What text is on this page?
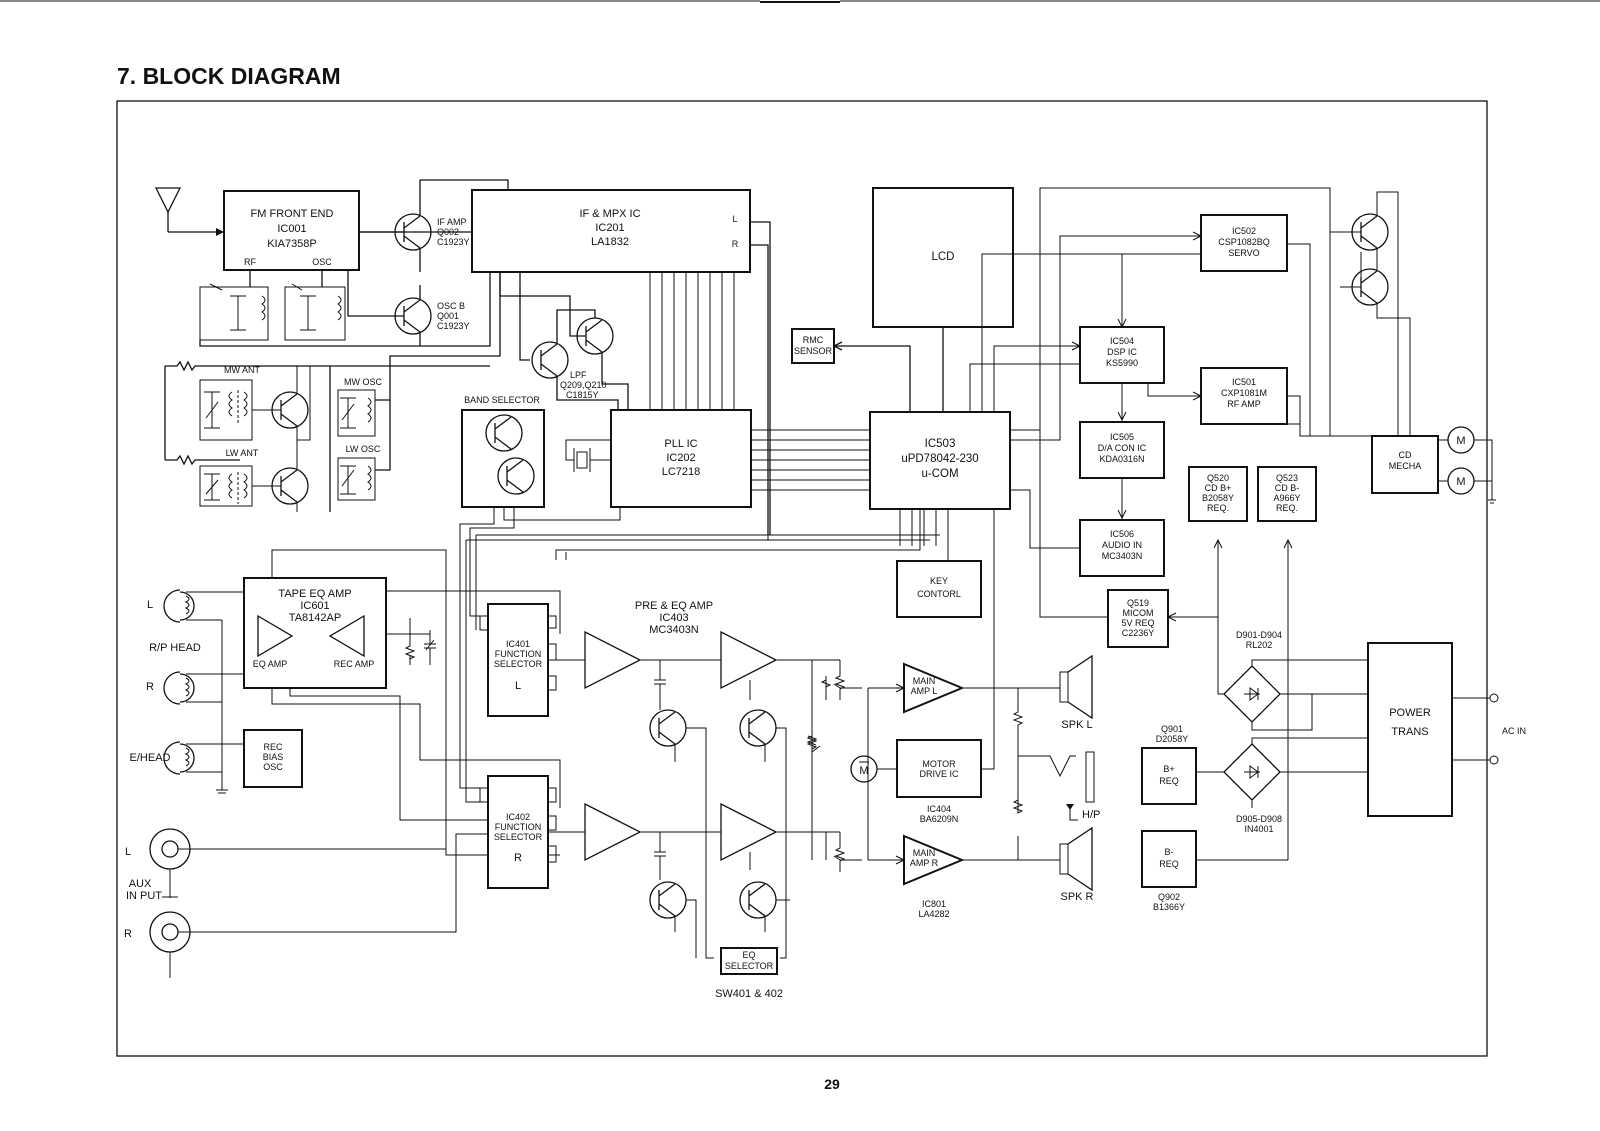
7. BLOCK DIAGRAM
FM FRONT END
IC001
KIA7358P
RF	OSC
IF AMP
Q002
C1923Y
IF & MPX IC
IC201
LA1832
L
R
OSC B
Q001
C1923Y
LPF
Q209,Q210
C1815Y
MW ANT
LW ANT
MW OSC
LW OSC
BAND SELECTOR
PLL IC
IC202
LC7218
LCD
RMC
SENSOR
IC503
uPD78042-230
u-COM
KEY
CONTORL
IC502
CSP1082BQ
SERVO
IC504
DSP IC
KS5990
IC501
CXP1081M
RF AMP
IC505
D/A CON IC
KDA0316N
IC506
AUDIO IN
MC3403N
CD
MECHA
M
M
Q520
CD B+
B2058Y
REQ.
Q523
CD B-
A966Y
REQ.
Q519
MICOM
5V REQ
C2236Y	D901-D904
RL202
D905-D908
IN4001
POWER
TRANS	AC IN
Q901
D2058Y
B+
REQ
B-
REQ
Q902
B1366Y
TAPE EQ AMP
IC601
TA8142AP
EQ AMP	REC AMP
R/P HEAD
L
R
E/HEAD
REC
BIAS
OSC
L
R
AUX
IN PUT
IC401
FUNCTION
SELECTOR
L
IC402
FUNCTION
SELECTOR
R
PRE & EQ AMP
IC403
MC3403N
EQ
SELECTOR
SW401 & 402
MAIN
AMP L
MAIN
AMP R
IC801
LA4282
MOTOR
DRIVE IC
IC404
BA6209N
M
SPK L
SPK R
H/P
29
